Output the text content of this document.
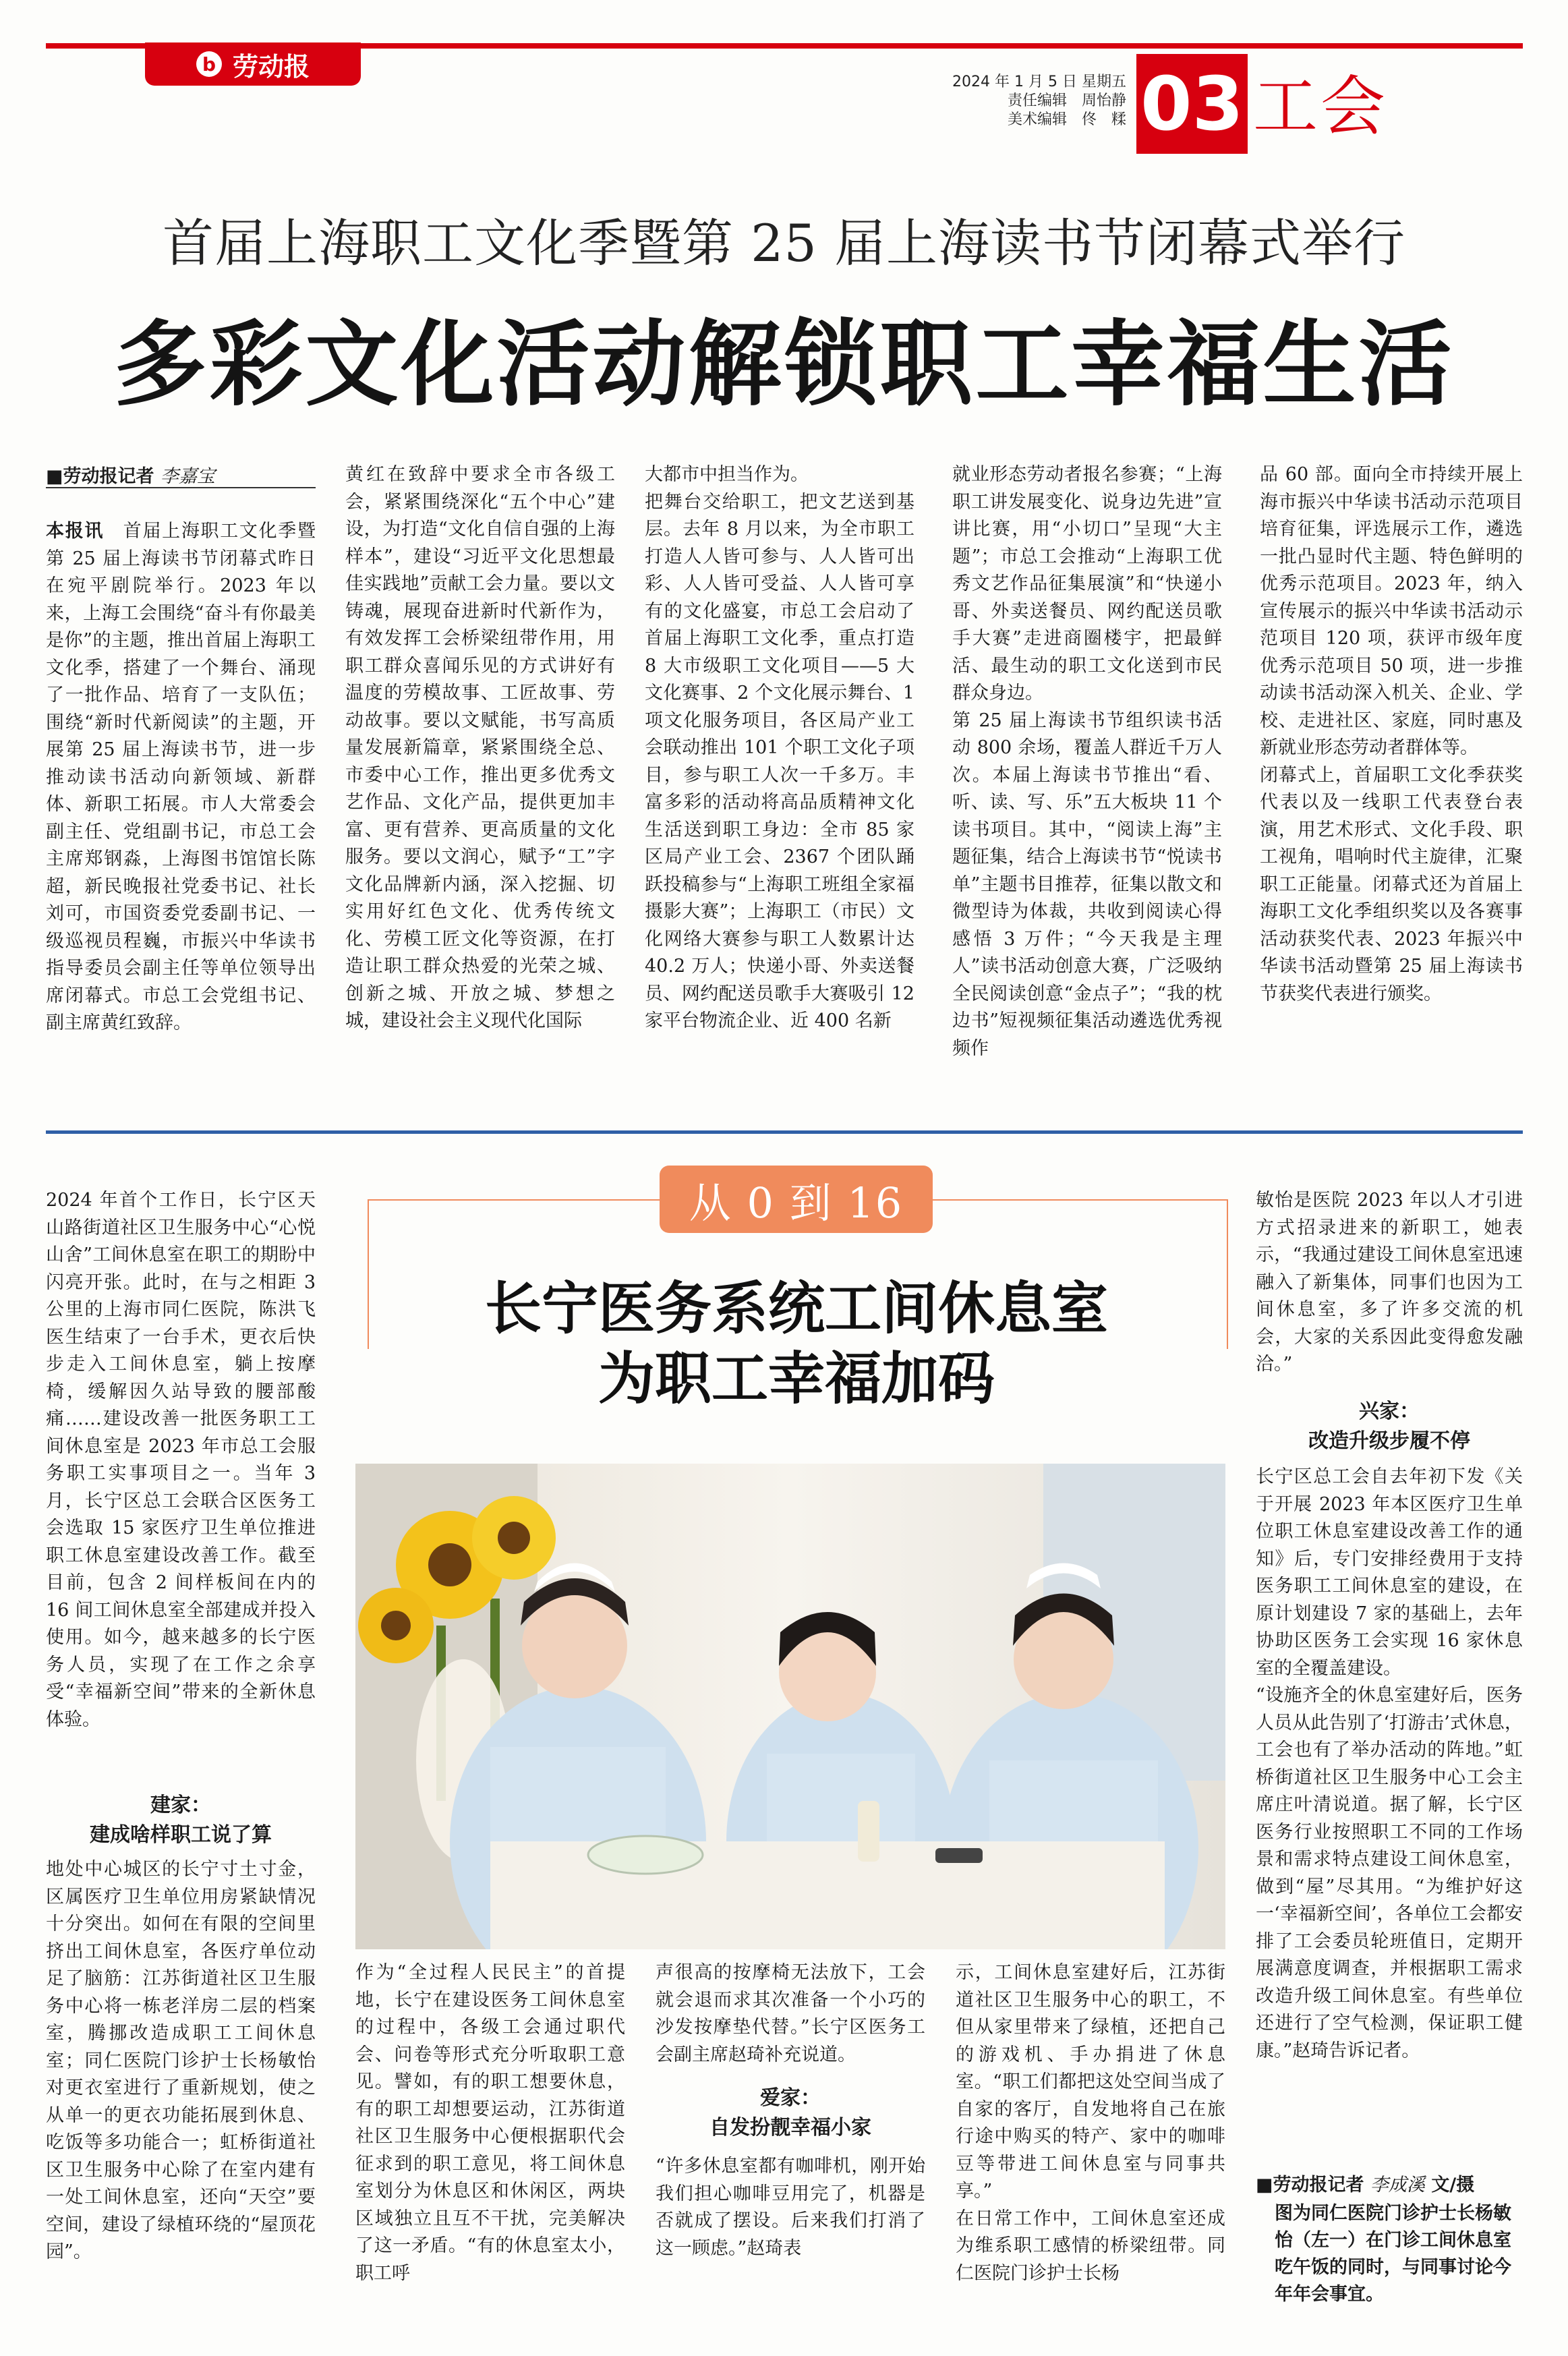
b 劳动报
2024 年 1 月 5 日 星期五
责任编辑　周怡静
美术编辑　佟　糅 03 工会
首届上海职工文化季暨第 25 届上海读书节闭幕式举行
多彩文化活动解锁职工幸福生活
■劳动报记者 李嘉宝
本报讯　首届上海职工文化季暨第 25 届上海读书节闭幕式昨日在宛平剧院举行。2023 年以来，上海工会围绕“奋斗有你最美是你”的主题，推出首届上海职工文化季，搭建了一个舞台、涌现了一批作品、培育了一支队伍；围绕“新时代新阅读”的主题，开展第 25 届上海读书节，进一步推动读书活动向新领域、新群体、新职工拓展。市人大常委会副主任、党组副书记，市总工会主席郑钢淼，上海图书馆馆长陈超，新民晚报社党委书记、社长刘可，市国资委党委副书记、一级巡视员程巍，市振兴中华读书指导委员会副主任等单位领导出席闭幕式。市总工会党组书记、副主席黄红致辞。
黄红在致辞中要求全市各级工会，紧紧围绕深化“五个中心”建设，为打造“文化自信自强的上海样本”，建设“习近平文化思想最佳实践地”贡献工会力量。要以文铸魂，展现奋进新时代新作为，有效发挥工会桥梁纽带作用，用职工群众喜闻乐见的方式讲好有温度的劳模故事、工匠故事、劳动故事。要以文赋能，书写高质量发展新篇章，紧紧围绕全总、市委中心工作，推出更多优秀文艺作品、文化产品，提供更加丰富、更有营养、更高质量的文化服务。要以文润心，赋予“工”字文化品牌新内涵，深入挖掘、切实用好红色文化、优秀传统文化、劳模工匠文化等资源，在打造让职工群众热爱的光荣之城、创新之城、开放之城、梦想之城，建设社会主义现代化国际
大都市中担当作为。
把舞台交给职工，把文艺送到基层。去年 8 月以来，为全市职工打造人人皆可参与、人人皆可出彩、人人皆可受益、人人皆可享有的文化盛宴，市总工会启动了首届上海职工文化季，重点打造 8 大市级职工文化项目——5 大文化赛事、2 个文化展示舞台、1 项文化服务项目，各区局产业工会联动推出 101 个职工文化子项目，参与职工人次一千多万。丰富多彩的活动将高品质精神文化生活送到职工身边：全市 85 家区局产业工会、2367 个团队踊跃投稿参与“上海职工班组全家福摄影大赛”；上海职工（市民）文化网络大赛参与职工人数累计达 40.2 万人；快递小哥、外卖送餐员、网约配送员歌手大赛吸引 12 家平台物流企业、近 400 名新
就业形态劳动者报名参赛；“上海职工讲发展变化、说身边先进”宣讲比赛，用“小切口”呈现“大主题”；市总工会推动“上海职工优秀文艺作品征集展演”和“快递小哥、外卖送餐员、网约配送员歌手大赛”走进商圈楼宇，把最鲜活、最生动的职工文化送到市民群众身边。
第 25 届上海读书节组织读书活动 800 余场，覆盖人群近千万人次。本届上海读书节推出“看、听、读、写、乐”五大板块 11 个读书项目。其中，“阅读上海”主题征集，结合上海读书节“悦读书单”主题书目推荐，征集以散文和微型诗为体裁，共收到阅读心得感悟 3 万件；“今天我是主理人”读书活动创意大赛，广泛吸纳全民阅读创意“金点子”；“我的枕边书”短视频征集活动遴选优秀视频作
品 60 部。面向全市持续开展上海市振兴中华读书活动示范项目培育征集，评选展示工作，遴选一批凸显时代主题、特色鲜明的优秀示范项目。2023 年，纳入宣传展示的振兴中华读书活动示范项目 120 项，获评市级年度优秀示范项目 50 项，进一步推动读书活动深入机关、企业、学校、走进社区、家庭，同时惠及新就业形态劳动者群体等。
闭幕式上，首届职工文化季获奖代表以及一线职工代表登台表演，用艺术形式、文化手段、职工视角，唱响时代主旋律，汇聚职工正能量。闭幕式还为首届上海职工文化季组织奖以及各赛事活动获奖代表、2023 年振兴中华读书活动暨第 25 届上海读书节获奖代表进行颁奖。
从 0 到 16
长宁医务系统工间休息室
为职工幸福加码
2024 年首个工作日，长宁区天山路街道社区卫生服务中心“心悦山舍”工间休息室在职工的期盼中闪亮开张。此时，在与之相距 3 公里的上海市同仁医院，陈洪飞医生结束了一台手术，更衣后快步走入工间休息室，躺上按摩椅，缓解因久站导致的腰部酸痛……建设改善一批医务职工工间休息室是 2023 年市总工会服务职工实事项目之一。当年 3 月，长宁区总工会联合区医务工会选取 15 家医疗卫生单位推进职工休息室建设改善工作。截至目前，包含 2 间样板间在内的 16 间工间休息室全部建成并投入使用。如今，越来越多的长宁医务人员，实现了在工作之余享受“幸福新空间”带来的全新休息体验。
建家：
建成啥样职工说了算
地处中心城区的长宁寸土寸金，区属医疗卫生单位用房紧缺情况十分突出。如何在有限的空间里挤出工间休息室，各医疗单位动足了脑筋：江苏街道社区卫生服务中心将一栋老洋房二层的档案室，腾挪改造成职工工间休息室；同仁医院门诊护士长杨敏怡对更衣室进行了重新规划，使之从单一的更衣功能拓展到休息、吃饭等多功能合一；虹桥街道社区卫生服务中心除了在室内建有一处工间休息室，还向“天空”要空间，建设了绿植环绕的“屋顶花园”。
作为“全过程人民民主”的首提地，长宁在建设医务工间休息室的过程中，各级工会通过职代会、问卷等形式充分听取职工意见。譬如，有的职工想要休息，有的职工却想要运动，江苏街道社区卫生服务中心便根据职代会征求到的职工意见，将工间休息室划分为休息区和休闲区，两块区域独立且互不干扰，完美解决了这一矛盾。“有的休息室太小，职工呼
声很高的按摩椅无法放下，工会就会退而求其次准备一个小巧的沙发按摩垫代替。”长宁区医务工会副主席赵琦补充说道。
爱家：
自发扮靓幸福小家
“许多休息室都有咖啡机，刚开始我们担心咖啡豆用完了，机器是否就成了摆设。后来我们打消了这一顾虑。”赵琦表
示，工间休息室建好后，江苏街道社区卫生服务中心的职工，不但从家里带来了绿植，还把自己的游戏机、手办捐进了休息室。“职工们都把这处空间当成了自家的客厅，自发地将自己在旅行途中购买的特产、家中的咖啡豆等带进工间休息室与同事共享。”
在日常工作中，工间休息室还成为维系职工感情的桥梁纽带。同仁医院门诊护士长杨
敏怡是医院 2023 年以人才引进方式招录进来的新职工，她表示，“我通过建设工间休息室迅速融入了新集体，同事们也因为工间休息室，多了许多交流的机会，大家的关系因此变得愈发融洽。”
兴家：
改造升级步履不停
长宁区总工会自去年初下发《关于开展 2023 年本区医疗卫生单位职工休息室建设改善工作的通知》后，专门安排经费用于支持医务职工工间休息室的建设，在原计划建设 7 家的基础上，去年协助区医务工会实现 16 家休息室的全覆盖建设。
“设施齐全的休息室建好后，医务人员从此告别了‘打游击’式休息，工会也有了举办活动的阵地。”虹桥街道社区卫生服务中心工会主席庄叶清说道。据了解，长宁区医务行业按照职工不同的工作场景和需求特点建设工间休息室，做到“屋”尽其用。“为维护好这一‘幸福新空间’，各单位工会都安排了工会委员轮班值日，定期开展满意度调查，并根据职工需求改造升级工间休息室。有些单位还进行了空气检测，保证职工健康。”赵琦告诉记者。
■劳动报记者 李成溪 文/摄
图为同仁医院门诊护士长杨敏怡（左一）在门诊工间休息室吃午饭的同时，与同事讨论今年年会事宜。
